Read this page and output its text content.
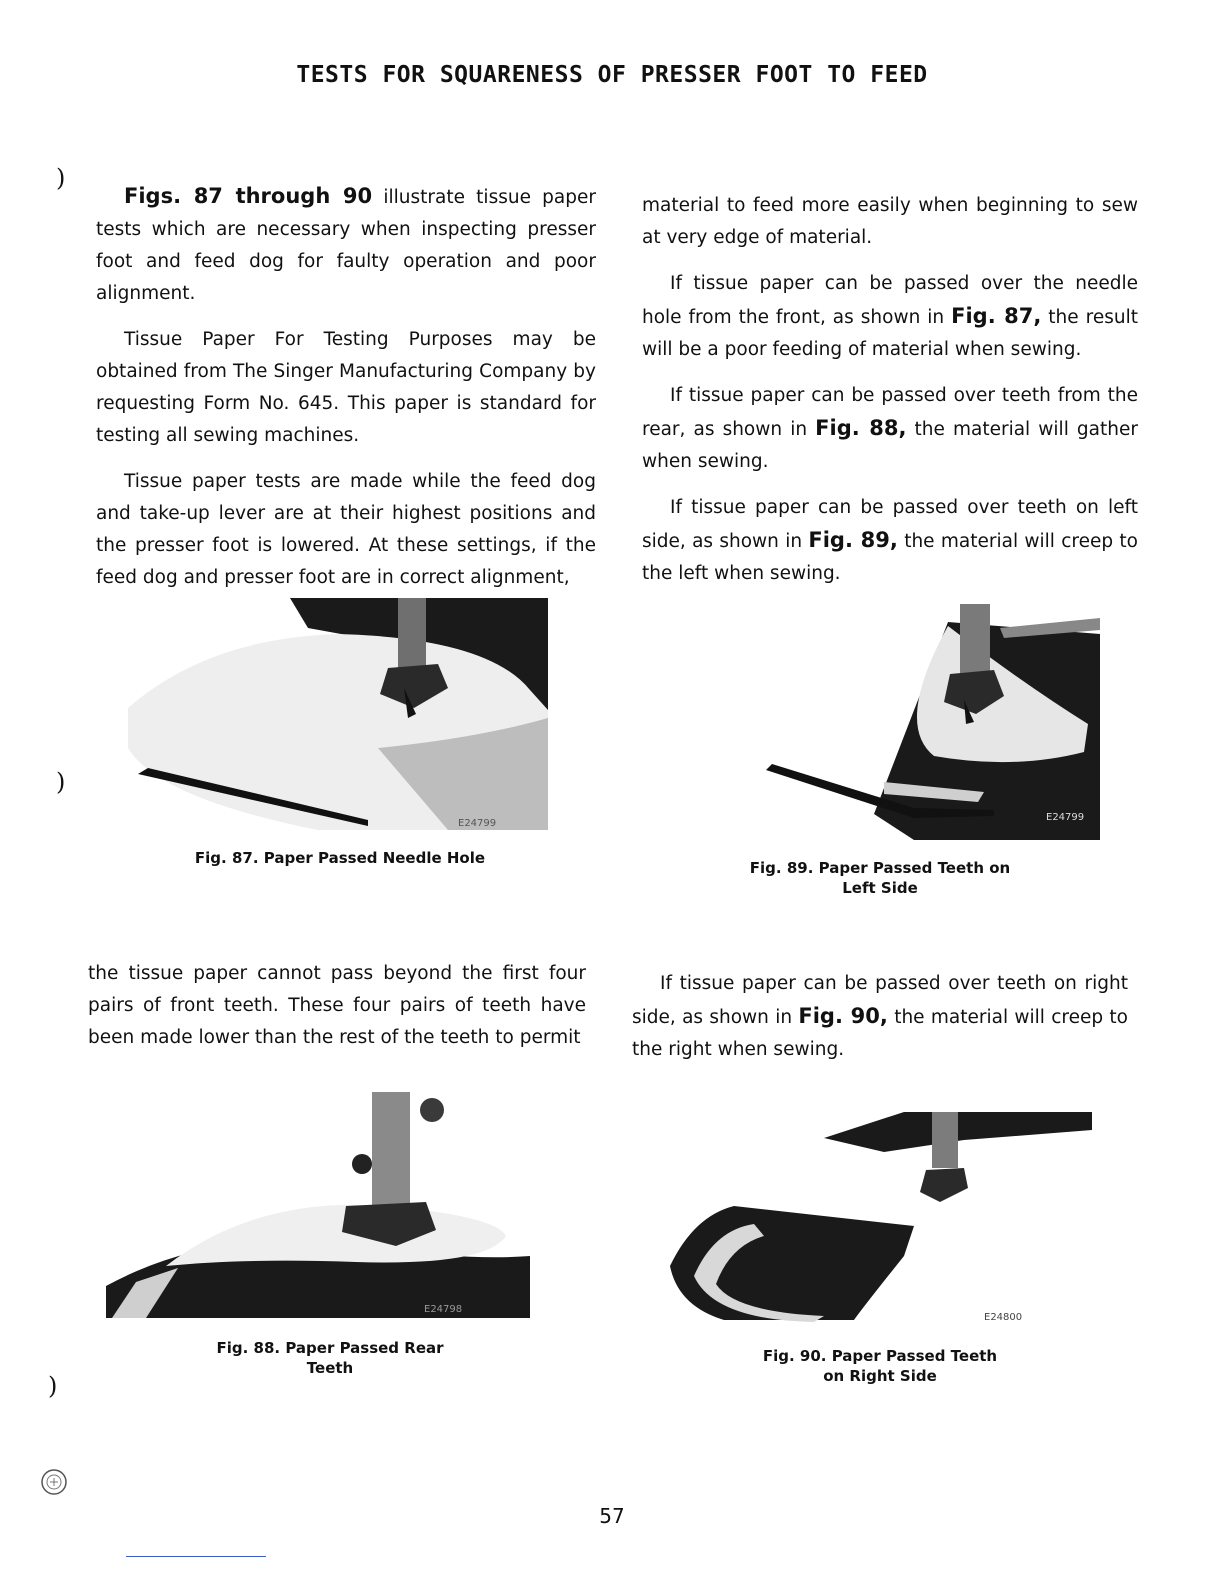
TESTS FOR SQUARENESS OF PRESSER FOOT TO FEED
)
)
)

Figs. 87 through 90 illustrate tissue paper tests which are necessary when inspecting presser foot and feed dog for faulty operation and poor alignment.

Tissue Paper For Testing Purposes may be obtained from The Singer Manufacturing Company by requesting Form No. 645. This paper is standard for testing all sewing machines.

Tissue paper tests are made while the feed dog and take-up lever are at their highest positions and the presser foot is lowered. At these settings, if the feed dog and presser foot are in correct alignment,

material to feed more easily when beginning to sew at very edge of material.

If tissue paper can be passed over the needle hole from the front, as shown in Fig. 87, the result will be a poor feeding of material when sewing.

If tissue paper can be passed over teeth from the rear, as shown in Fig. 88, the material will gather when sewing.

If tissue paper can be passed over teeth on left side, as shown in Fig. 89, the material will creep to the left when sewing.

E24799
Fig. 87. Paper Passed Needle Hole
E24799
Fig. 89. Paper Passed Teeth on
Left Side

the tissue paper cannot pass beyond the first four pairs of front teeth. These four pairs of teeth have been made lower than the rest of the teeth to permit

If tissue paper can be passed over teeth on right side, as shown in Fig. 90, the material will creep to the right when sewing.

E24798
Fig. 88. Paper Passed Rear
Teeth
E24800
Fig. 90. Paper Passed Teeth
on Right Side
57
